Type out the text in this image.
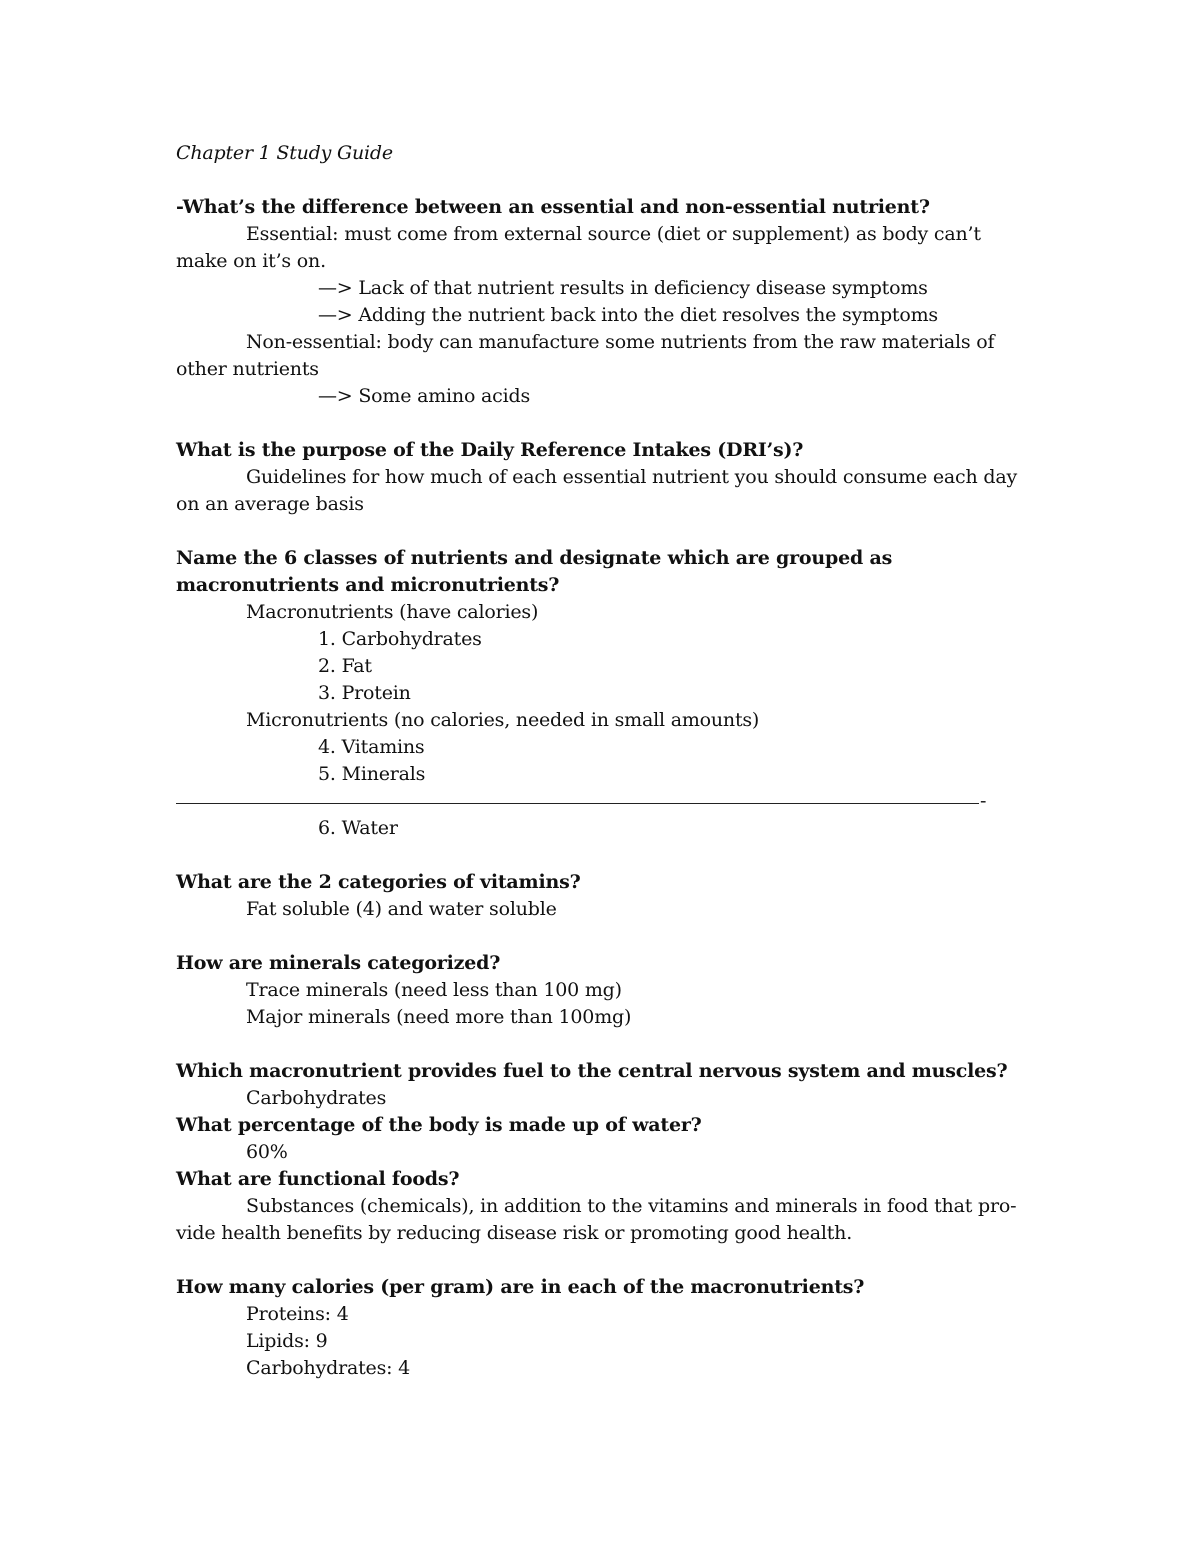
Chapter 1 Study Guide

-What’s the difference between an essential and non-essential nutrient?

Essential: must come from external source (diet or supplement) as body can’t make on it’s on.

—> Lack of that nutrient results in deficiency disease symptoms

—> Adding the nutrient back into the diet resolves the symptoms

Non-essential: body can manufacture some nutrients from the raw materials of other nutrients

—> Some amino acids

What is the purpose of the Daily Reference Intakes (DRI’s)?

Guidelines for how much of each essential nutrient you should consume each day on an average basis

Name the 6 classes of nutrients and designate which are grouped as macronutrients and micronutrients?

Macronutrients (have calories)

1. Carbohydrates

2. Fat

3. Protein

Micronutrients (no calories, needed in small amounts)

4. Vitamins

5. Minerals

-

6. Water

What are the 2 categories of vitamins?

Fat soluble (4) and water soluble

How are minerals categorized?

Trace minerals (need less than 100 mg)

Major minerals (need more than 100mg)

Which macronutrient provides fuel to the central nervous system and muscles?

Carbohydrates

What percentage of the body is made up of water?

60%

What are functional foods?

Substances (chemicals), in addition to the vitamins and minerals in food that pro-vide health benefits by reducing disease risk or promoting good health.

How many calories (per gram) are in each of the macronutrients?

Proteins: 4

Lipids: 9

Carbohydrates: 4
